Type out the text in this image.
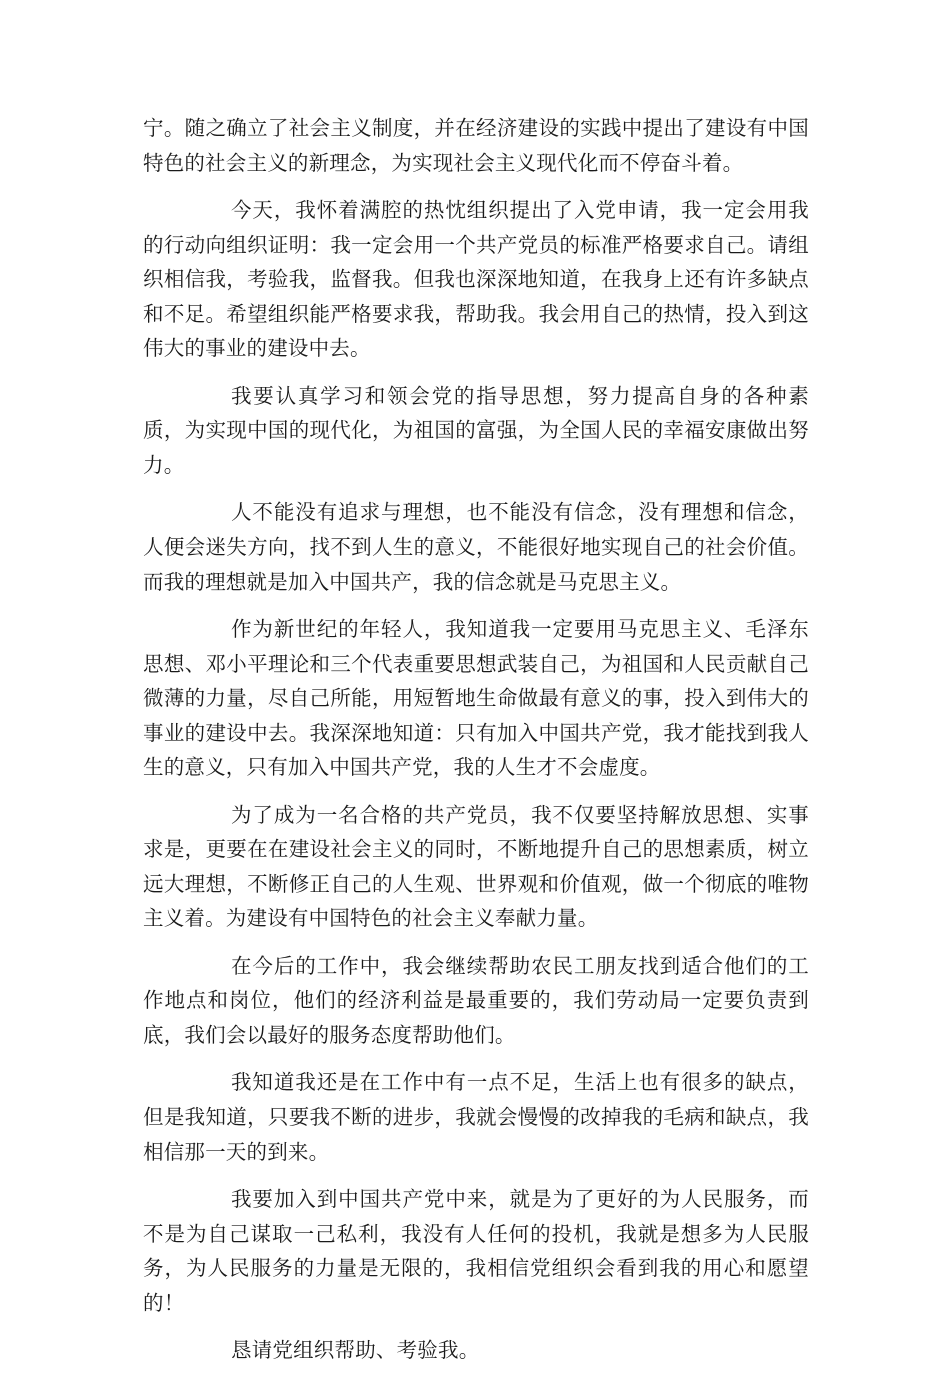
宁。随之确立了社会主义制度，并在经济建设的实践中提出了建设有中国特色的社会主义的新理念，为实现社会主义现代化而不停奋斗着。

今天，我怀着满腔的热忱组织提出了入党申请，我一定会用我的行动向组织证明：我一定会用一个共产党员的标准严格要求自己。请组织相信我，考验我，监督我。但我也深深地知道，在我身上还有许多缺点和不足。希望组织能严格要求我，帮助我。我会用自己的热情，投入到这伟大的事业的建设中去。

我要认真学习和领会党的指导思想，努力提高自身的各种素质，为实现中国的现代化，为祖国的富强，为全国人民的幸福安康做出努力。

人不能没有追求与理想，也不能没有信念，没有理想和信念，人便会迷失方向，找不到人生的意义，不能很好地实现自己的社会价值。而我的理想就是加入中国共产，我的信念就是马克思主义。

作为新世纪的年轻人，我知道我一定要用马克思主义、毛泽东思想、邓小平理论和三个代表重要思想武装自己，为祖国和人民贡献自己微薄的力量，尽自己所能，用短暂地生命做最有意义的事，投入到伟大的事业的建设中去。我深深地知道：只有加入中国共产党，我才能找到我人生的意义，只有加入中国共产党，我的人生才不会虚度。

为了成为一名合格的共产党员，我不仅要坚持解放思想、实事求是，更要在在建设社会主义的同时，不断地提升自己的思想素质，树立远大理想，不断修正自己的人生观、世界观和价值观，做一个彻底的唯物主义着。为建设有中国特色的社会主义奉献力量。

在今后的工作中，我会继续帮助农民工朋友找到适合他们的工作地点和岗位，他们的经济利益是最重要的，我们劳动局一定要负责到底，我们会以最好的服务态度帮助他们。

我知道我还是在工作中有一点不足，生活上也有很多的缺点，但是我知道，只要我不断的进步，我就会慢慢的改掉我的毛病和缺点，我相信那一天的到来。

我要加入到中国共产党中来，就是为了更好的为人民服务，而不是为自己谋取一己私利，我没有人任何的投机，我就是想多为人民服务，为人民服务的力量是无限的，我相信党组织会看到我的用心和愿望的！

恳请党组织帮助、考验我。
